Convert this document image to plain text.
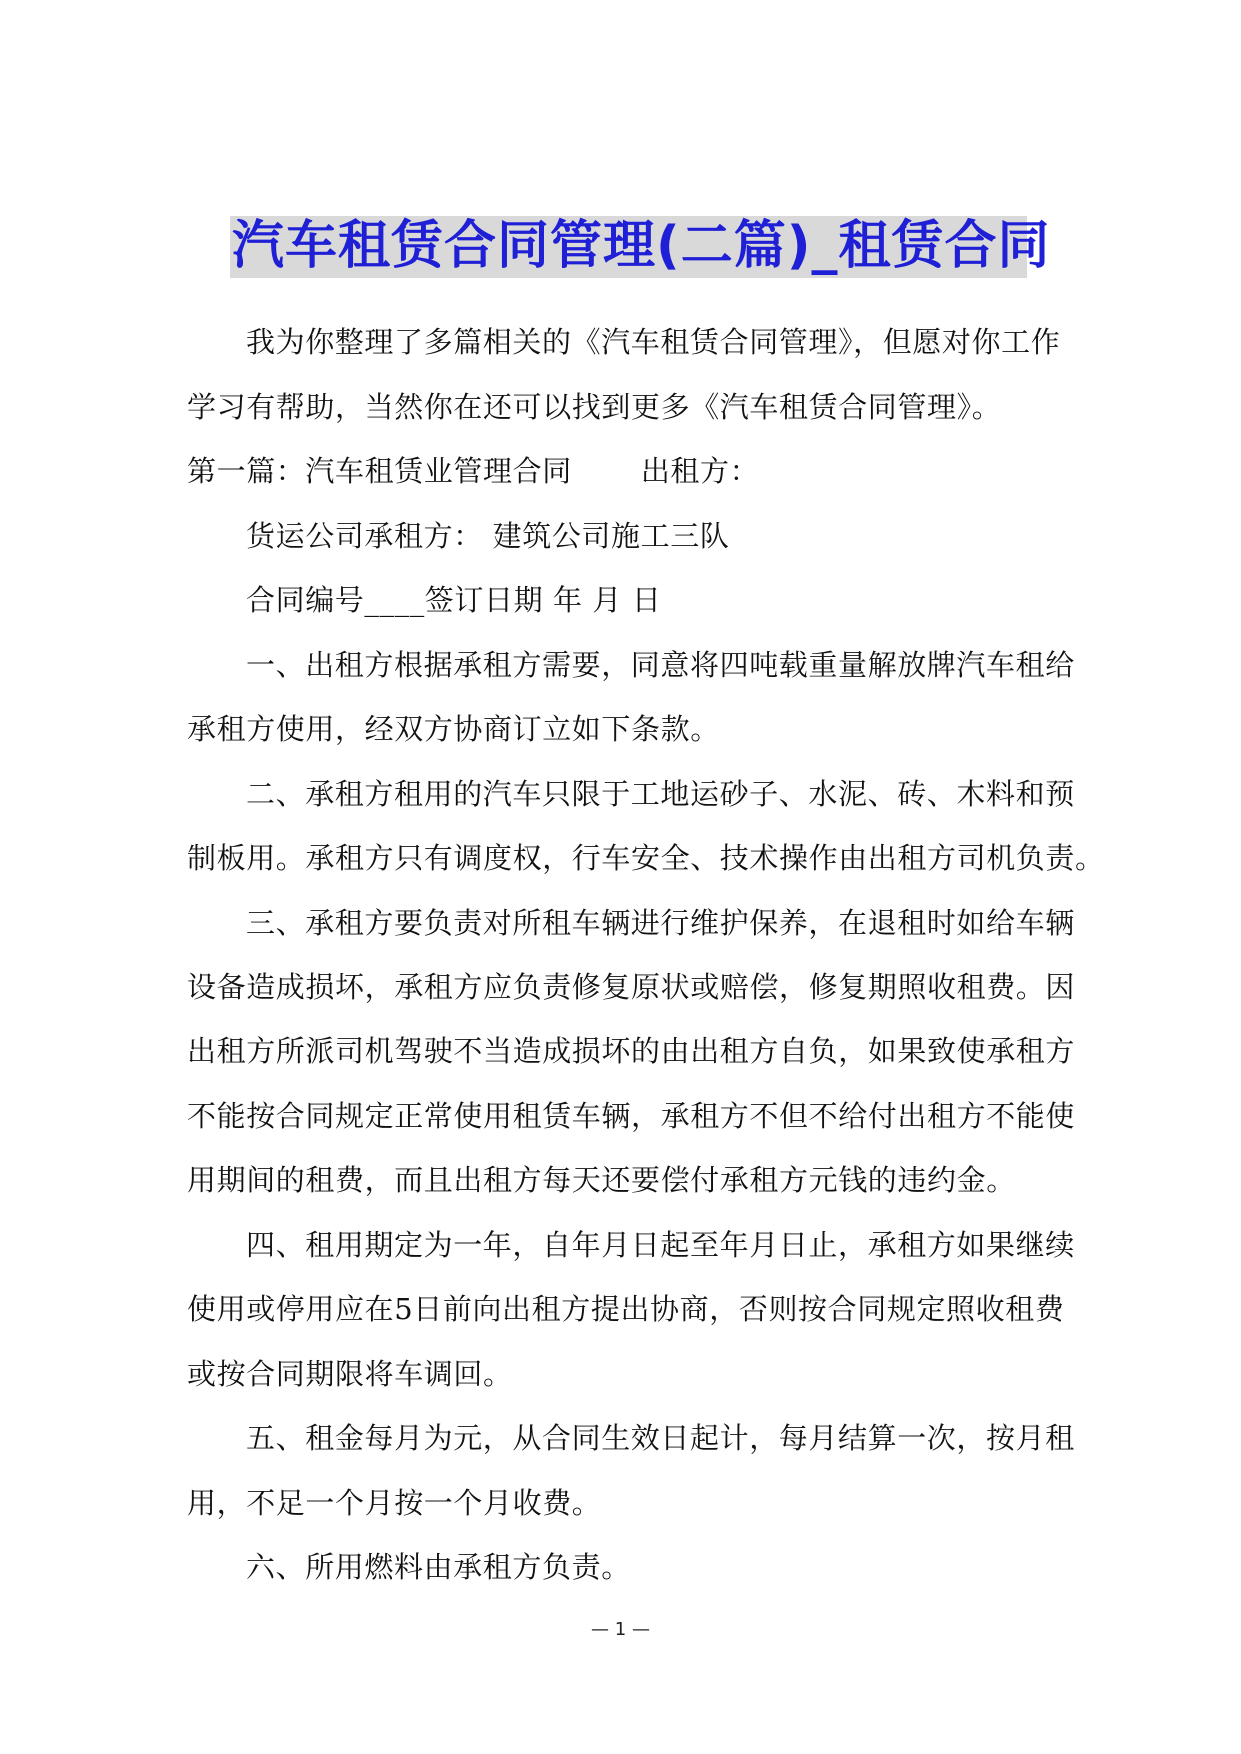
汽车租赁合同管理(二篇)_租赁合同
我为你整理了多篇相关的《汽车租赁合同管理》，但愿对你工作
学习有帮助，当然你在还可以找到更多《汽车租赁合同管理》。
第一篇：汽车租赁业管理合同　　 出租方：
货运公司承租方： 建筑公司施工三队
合同编号____签订日期 年 月 日
一、出租方根据承租方需要，同意将四吨载重量解放牌汽车租给
承租方使用，经双方协商订立如下条款。
二、承租方租用的汽车只限于工地运砂子、水泥、砖、木料和预
制板用。承租方只有调度权，行车安全、技术操作由出租方司机负责。
三、承租方要负责对所租车辆进行维护保养，在退租时如给车辆
设备造成损坏，承租方应负责修复原状或赔偿，修复期照收租费。因
出租方所派司机驾驶不当造成损坏的由出租方自负，如果致使承租方
不能按合同规定正常使用租赁车辆，承租方不但不给付出租方不能使
用期间的租费，而且出租方每天还要偿付承租方元钱的违约金。
四、租用期定为一年，自年月日起至年月日止，承租方如果继续
使用或停用应在5日前向出租方提出协商，否则按合同规定照收租费
或按合同期限将车调回。
五、租金每月为元，从合同生效日起计，每月结算一次，按月租
用，不足一个月按一个月收费。
六、所用燃料由承租方负责。
— 1 —
